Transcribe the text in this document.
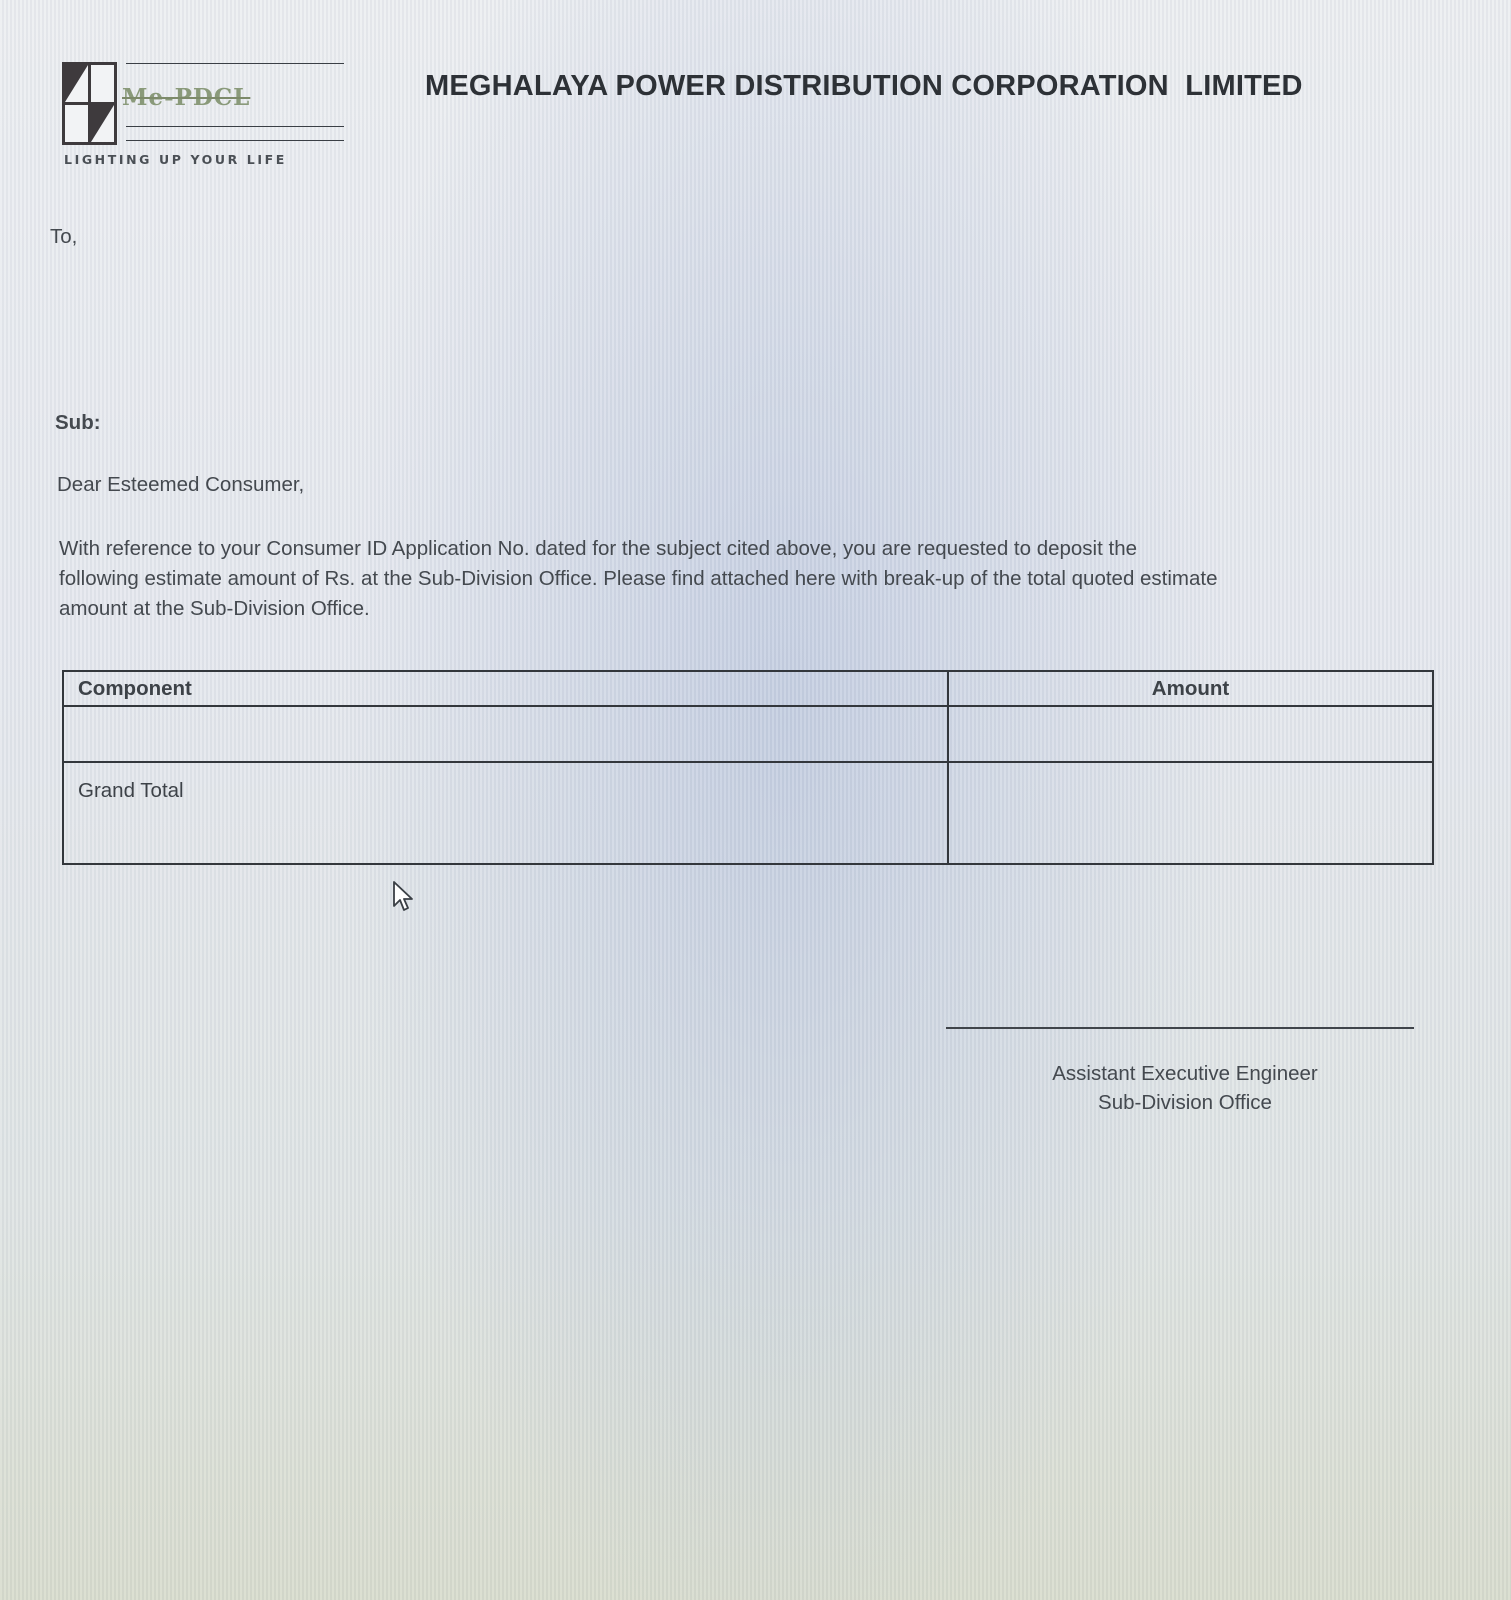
Me-PDCL
LIGHTING UP YOUR LIFE
MEGHALAYA POWER DISTRIBUTION CORPORATION  LIMITED
To,
Sub:
Dear Esteemed Consumer,
With reference to your Consumer ID Application No. dated for the subject cited above, you are requested to deposit the
following estimate amount of Rs. at the Sub-Division Office. Please find attached here with break-up of the total quoted estimate
amount at the Sub-Division Office.
Component	Amount

Grand Total	
Assistant Executive Engineer
Sub-Division Office
